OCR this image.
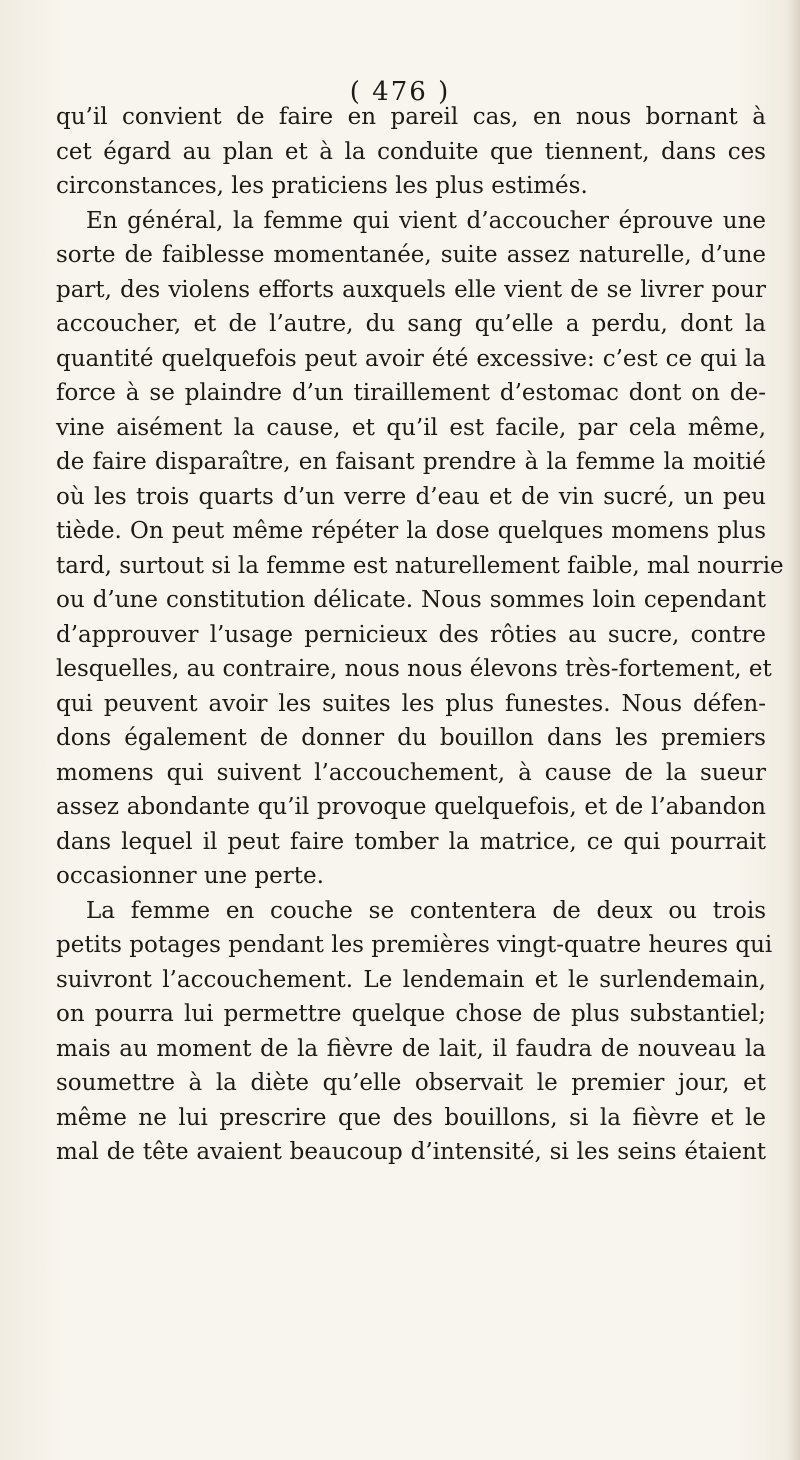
( 476 )
qu’il convient de faire en pareil cas, en nous bornant à
cet égard au plan et à la conduite que tiennent, dans ces
circonstances, les praticiens les plus estimés.
En général, la femme qui vient d’accoucher éprouve une
sorte de faiblesse momentanée, suite assez naturelle, d’une
part, des violens efforts auxquels elle vient de se livrer pour
accoucher, et de l’autre, du sang qu’elle a perdu, dont la
quantité quelquefois peut avoir été excessive: c’est ce qui la
force à se plaindre d’un tiraillement d’estomac dont on de-
vine aisément la cause, et qu’il est facile, par cela même,
de faire disparaître, en faisant prendre à la femme la moitié
où les trois quarts d’un verre d’eau et de vin sucré, un peu
tiède. On peut même répéter la dose quelques momens plus
tard, surtout si la femme est naturellement faible, mal nourrie
ou d’une constitution délicate. Nous sommes loin cependant
d’approuver l’usage pernicieux des rôties au sucre, contre
lesquelles, au contraire, nous nous élevons très-fortement, et
qui peuvent avoir les suites les plus funestes. Nous défen-
dons également de donner du bouillon dans les premiers
momens qui suivent l’accouchement, à cause de la sueur
assez abondante qu’il provoque quelquefois, et de l’abandon
dans lequel il peut faire tomber la matrice, ce qui pourrait
occasionner une perte.
La femme en couche se contentera de deux ou trois
petits potages pendant les premières vingt-quatre heures qui
suivront l’accouchement. Le lendemain et le surlendemain,
on pourra lui permettre quelque chose de plus substantiel;
mais au moment de la fièvre de lait, il faudra de nouveau la
soumettre à la diète qu’elle observait le premier jour, et
même ne lui prescrire que des bouillons, si la fièvre et le
mal de tête avaient beaucoup d’intensité, si les seins étaient
